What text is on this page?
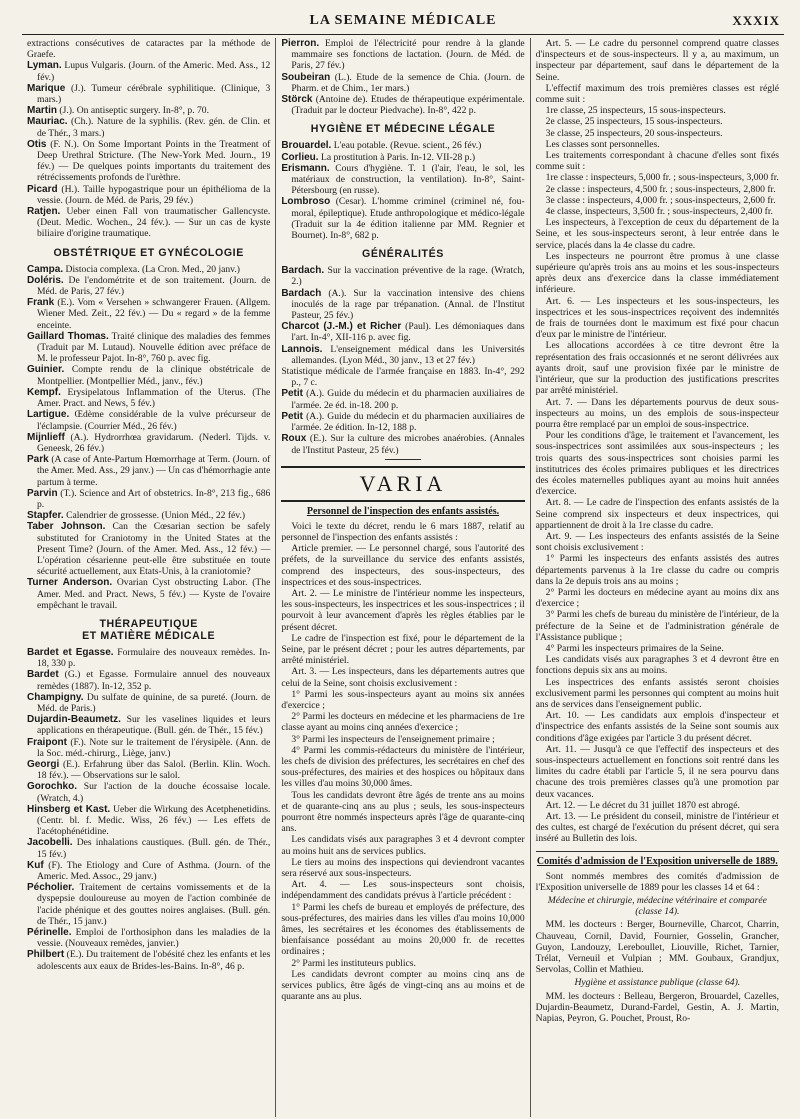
LA SEMAINE MÉDICALE	XXXIX

extractions consécutives de cataractes par la méthode de Graefe.

Lyman. Lupus Vulgaris. (Journ. of the Americ. Med. Ass., 12 fév.)

Marique (J.). Tumeur cérébrale syphilitique. (Clinique, 3 mars.)

Martin (J.). On antiseptic surgery. In-8°, p. 70.

Mauriac. (Ch.). Nature de la syphilis. (Rev. gén. de Clin. et de Thér., 3 mars.)

Otis (F. N.). On Some Important Points in the Treatment of Deep Urethral Stricture. (The New-York Med. Journ., 19 fév.) — De quelques points importants du traitement des rétrécissements profonds de l'urèthre.

Picard (H.). Taille hypogastrique pour un épithélioma de la vessie. (Journ. de Méd. de Paris, 29 fév.)

Ratjen. Ueber einen Fall von traumatischer Gallencyste. (Deut. Medic. Wochen., 24 fév.). — Sur un cas de kyste biliaire d'origine traumatique.

OBSTÉTRIQUE ET GYNÉCOLOGIE

Campa. Distocia complexa. (La Cron. Med., 20 janv.)

Doléris. De l'endométrite et de son traitement. (Journ. de Méd. de Paris, 27 fév.)

Frank (E.). Vom « Versehen » schwangerer Frauen. (Allgem. Wiener Med. Zeit., 22 fév.) — Du « regard » de la femme enceinte.

Gaillard Thomas. Traité clinique des maladies des femmes (Traduit par M. Lutaud). Nouvelle édition avec préface de M. le professeur Pajot. In-8°, 760 p. avec fig.

Guinier. Compte rendu de la clinique obstétricale de Montpellier. (Montpellier Méd., janv., fév.)

Kempf. Erysipelatous Inflammation of the Uterus. (The Amer. Pract. and News, 5 fév.)

Lartigue. Œdème considérable de la vulve précurseur de l'éclampsie. (Courrier Méd., 26 fév.)

Mijnlieff (A.). Hydrorrhœa gravidarum. (Nederl. Tijds. v. Geneesk, 26 fév.)

Park (A case of Ante-Partum Hœmorrhage at Term. (Journ. of the Amer. Med. Ass., 29 janv.) — Un cas d'hémorrhagie ante partum à terme.

Parvin (T.). Science and Art of obstetrics. In-8°, 213 fig., 686 p.

Stapfer. Calendrier de grossesse. (Union Méd., 22 fév.)

Taber Johnson. Can the Cœsarian section be safely substituted for Craniotomy in the United States at the Present Time? (Journ. of the Amer. Med. Ass., 12 fév.) — L'opération césarienne peut-elle être substituée en toute sécurité actuellement, aux Etats-Unis, à la craniotomie?

Turner Anderson. Ovarian Cyst obstructing Labor. (The Amer. Med. and Pract. News, 5 fév.) — Kyste de l'ovaire empêchant le travail.

THÉRAPEUTIQUE
ET MATIÈRE MÉDICALE

Bardet et Egasse. Formulaire des nouveaux remèdes. In-18, 330 p.

Bardet (G.) et Egasse. Formulaire annuel des nouveaux remèdes (1887). In-12, 352 p.

Champigny. Du sulfate de quinine, de sa pureté. (Journ. de Méd. de Paris.)

Dujardin-Beaumetz. Sur les vaselines liquides et leurs applications en thérapeutique. (Bull. gén. de Thér., 15 fév.)

Fraipont (F.). Note sur le traitement de l'érysipèle. (Ann. de la Soc. méd.-chirurg., Liège, janv.)

Georgi (E.). Erfahrung über das Salol. (Berlin. Klin. Woch. 18 fév.). — Observations sur le salol.

Gorochko. Sur l'action de la douche écossaise locale. (Wratch, 4.)

Hinsberg et Kast. Ueber die Wirkung des Acetphenetidins. (Centr. bl. f. Medic. Wiss, 26 fév.) — Les effets de l'acétophénétidine.

Jacobelli. Des inhalations caustiques. (Bull. gén. de Thér., 15 fév.)

Kuf (F). The Etiology and Cure of Asthma. (Journ. of the Americ. Med. Assoc., 29 janv.)

Pécholier. Traitement de certains vomissements et de la dyspepsie douloureuse au moyen de l'action combinée de l'acide phénique et des gouttes noires anglaises. (Bull. gén. de Thér., 15 janv.)

Périnelle. Emploi de l'orthosiphon dans les maladies de la vessie. (Nouveaux remèdes, janvier.)

Philbert (E.). Du traitement de l'obésité chez les enfants et les adolescents aux eaux de Brides-les-Bains. In-8°, 46 p.

Pierron. Emploi de l'électricité pour rendre à la glande mammaire ses fonctions de lactation. (Journ. de Méd. de Paris, 27 fév.)

Soubeiran (L.). Etude de la semence de Chia. (Journ. de Pharm. et de Chim., 1er mars.)

Störck (Antoine de). Etudes de thérapeutique expérimentale. (Traduit par le docteur Piedvache). In-8°, 422 p.

HYGIÈNE ET MÉDECINE LÉGALE

Brouardel. L'eau potable. (Revue. scient., 26 fév.)

Corlieu. La prostitution à Paris. In-12. VII-28 p.)

Erismann. Cours d'hygiène. T. 1 (l'air, l'eau, le sol, les matériaux de construction, la ventilation). In-8°, Saint-Pétersbourg (en russe).

Lombroso (Cesar). L'homme criminel (criminel né, fou-moral, épileptique). Etude anthropologique et médico-légale (Traduit sur la 4e édition italienne par MM. Regnier et Bournet). In-8°, 682 p.

GÉNÉRALITÉS

Bardach. Sur la vaccination préventive de la rage. (Wratch, 2.)

Bardach (A.). Sur la vaccination intensive des chiens inoculés de la rage par trépanation. (Annal. de l'Institut Pasteur, 25 fév.)

Charcot (J.-M.) et Richer (Paul). Les démoniaques dans l'art. In-4°, XII-116 p. avec fig.

Lannois. L'enseignement médical dans les Universités allemandes. (Lyon Méd., 30 janv., 13 et 27 fév.)

Statistique médicale de l'armée française en 1883. In-4°, 292 p., 7 c.

Petit (A.). Guide du médecin et du pharmacien auxiliaires de l'armée. 2e éd. in-18. 200 p.

Petit (A.). Guide du médecin et du pharmacien auxiliaires de l'armée. 2e édition. In-12, 188 p.

Roux (E.). Sur la culture des microbes anaérobies. (Annales de l'Institut Pasteur, 25 fév.)

VARIA
Personnel de l'inspection des enfants assistés.

Voici le texte du décret, rendu le 6 mars 1887, relatif au personnel de l'inspection des enfants assistés :

Article premier. — Le personnel chargé, sous l'autorité des préfets, de la surveillance du service des enfants assistés, comprend des inspecteurs, des sous-inspecteurs, des inspectrices et des sous-inspectrices.

Art. 2. — Le ministre de l'intérieur nomme les inspecteurs, les sous-inspecteurs, les inspectrices et les sous-inspectrices ; il pourvoit à leur avancement d'après les règles établies par le présent décret.

Le cadre de l'inspection est fixé, pour le département de la Seine, par le présent décret ; pour les autres départements, par arrêté ministériel.

Art. 3. — Les inspecteurs, dans les départements autres que celui de la Seine, sont choisis exclusivement :

1° Parmi les sous-inspecteurs ayant au moins six années d'exercice ;

2° Parmi les docteurs en médecine et les pharmaciens de 1re classe ayant au moins cinq années d'exercice ;

3° Parmi les inspecteurs de l'enseignement primaire ;

4° Parmi les commis-rédacteurs du ministère de l'intérieur, les chefs de division des préfectures, les secrétaires en chef des sous-préfectures, des mairies et des hospices ou hôpitaux dans les villes d'au moins 30,000 âmes.

Tous les candidats devront être âgés de trente ans au moins et de quarante-cinq ans au plus ; seuls, les sous-inspecteurs pourront être nommés inspecteurs après l'âge de quarante-cinq ans.

Les candidats visés aux paragraphes 3 et 4 devront compter au moins huit ans de services publics.

Le tiers au moins des inspections qui deviendront vacantes sera réservé aux sous-inspecteurs.

Art. 4. — Les sous-inspecteurs sont choisis, indépendamment des candidats prévus à l'article précédent :

1° Parmi les chefs de bureau et employés de préfecture, des sous-préfectures, des mairies dans les villes d'au moins 10,000 âmes, les secrétaires et les économes des établissements de bienfaisance possédant au moins 20,000 fr. de recettes ordinaires ;

2° Parmi les instituteurs publics.

Les candidats devront compter au moins cinq ans de services publics, être âgés de vingt-cinq ans au moins et de quarante ans au plus.

Art. 5. — Le cadre du personnel comprend quatre classes d'inspecteurs et de sous-inspecteurs. Il y a, au maximum, un inspecteur par département, sauf dans le département de la Seine.

L'effectif maximum des trois premières classes est réglé comme suit :

1re classe, 25 inspecteurs, 15 sous-inspecteurs.

2e classe, 25 inspecteurs, 15 sous-inspecteurs.

3e classe, 25 inspecteurs, 20 sous-inspecteurs.

Les classes sont personnelles.

Les traitements correspondant à chacune d'elles sont fixés comme suit :

1re classe : inspecteurs, 5,000 fr. ; sous-inspecteurs, 3,000 fr.

2e classe : inspecteurs, 4,500 fr. ; sous-inspecteurs, 2,800 fr.

3e classe : inspecteurs, 4,000 fr. ; sous-inspecteurs, 2,600 fr.

4e classe, inspecteurs, 3,500 fr. ; sous-inspecteurs, 2,400 fr.

Les inspecteurs, à l'exception de ceux du département de la Seine, et les sous-inspecteurs seront, à leur entrée dans le service, placés dans la 4e classe du cadre.

Les inspecteurs ne pourront être promus à une classe supérieure qu'après trois ans au moins et les sous-inspecteurs après deux ans d'exercice dans la classe immédiatement inférieure.

Art. 6. — Les inspecteurs et les sous-inspecteurs, les inspectrices et les sous-inspectrices reçoivent des indemnités de frais de tournées dont le maximum est fixé pour chacun d'eux par le ministre de l'intérieur.

Les allocations accordées à ce titre devront être la représentation des frais occasionnés et ne seront délivrées aux ayants droit, sauf une provision fixée par le ministre de l'intérieur, que sur la production des justifications prescrites par arrêté ministériel.

Art. 7. — Dans les départements pourvus de deux sous-inspecteurs au moins, un des emplois de sous-inspecteur pourra être remplacé par un emploi de sous-inspectrice.

Pour les conditions d'âge, le traitement et l'avancement, les sous-inspectrices sont assimilées aux sous-inspecteurs ; les trois quarts des sous-inspectrices sont choisies parmi les institutrices des écoles primaires publiques et les directrices des écoles maternelles publiques ayant au moins huit années d'exercice.

Art. 8. — Le cadre de l'inspection des enfants assistés de la Seine comprend six inspecteurs et deux inspectrices, qui appartiennent de droit à la 1re classe du cadre.

Art. 9. — Les inspecteurs des enfants assistés de la Seine sont choisis exclusivement :

1° Parmi les inspecteurs des enfants assistés des autres départements parvenus à la 1re classe du cadre ou compris dans la 2e depuis trois ans au moins ;

2° Parmi les docteurs en médecine ayant au moins dix ans d'exercice ;

3° Parmi les chefs de bureau du ministère de l'intérieur, de la préfecture de la Seine et de l'administration générale de l'Assistance publique ;

4° Parmi les inspecteurs primaires de la Seine.

Les candidats visés aux paragraphes 3 et 4 devront être en fonctions depuis six ans au moins.

Les inspectrices des enfants assistés seront choisies exclusivement parmi les personnes qui comptent au moins huit ans de services dans l'enseignement public.

Art. 10. — Les candidats aux emplois d'inspecteur et d'inspectrice des enfants assistés de la Seine sont soumis aux conditions d'âge exigées par l'article 3 du présent décret.

Art. 11. — Jusqu'à ce que l'effectif des inspecteurs et des sous-inspecteurs actuellement en fonctions soit rentré dans les limites du cadre établi par l'article 5, il ne sera pourvu dans chacune des trois premières classes qu'à une promotion par deux vacances.

Art. 12. — Le décret du 31 juillet 1870 est abrogé.

Art. 13. — Le président du conseil, ministre de l'intérieur et des cultes, est chargé de l'exécution du présent décret, qui sera inséré au Bulletin des lois.

Comités d'admission de l'Exposition universelle de 1889.

Sont nommés membres des comités d'admission de l'Exposition universelle de 1889 pour les classes 14 et 64 :

Médecine et chirurgie, médecine vétérinaire et comparée (classe 14).

MM. les docteurs : Berger, Bourneville, Charcot, Charrin, Chauveau, Cornil, David, Fournier, Gosselin, Grancher, Guyon, Landouzy, Lereboullet, Liouville, Richet, Tarnier, Trélat, Verneuil et Vulpian ; MM. Goubaux, Grandjux, Servolas, Collin et Mathieu.

Hygiène et assistance publique (classe 64).

MM. les docteurs : Belleau, Bergeron, Brouardel, Cazelles, Dujardin-Beaumetz, Durand-Fardel, Gestin, A. J. Martin, Napias, Peyron, G. Pouchet, Proust, Ro-
